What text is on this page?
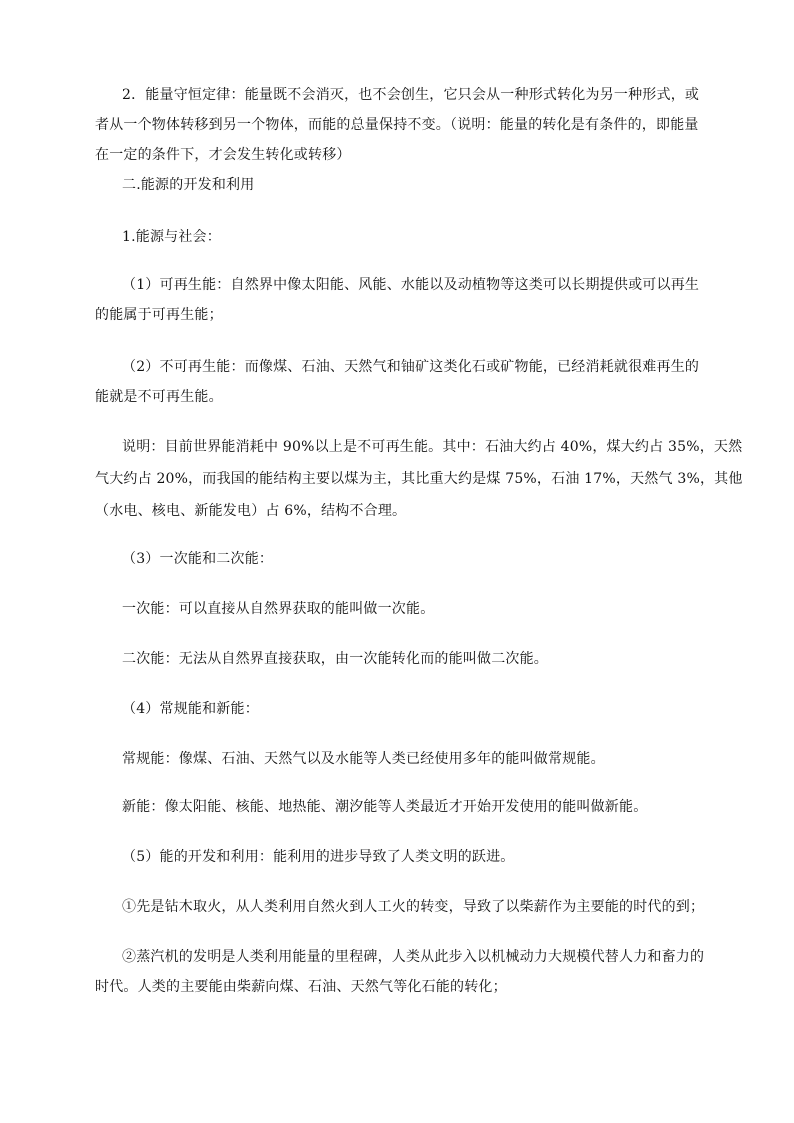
2．能量守恒定律：能量既不会消灭，也不会创生，它只会从一种形式转化为另一种形式，或
者从一个物体转移到另一个物体，而能的总量保持不变。（说明：能量的转化是有条件的，即能量
在一定的条件下，才会发生转化或转移）
二.能源的开发和利用
1.能源与社会：
（1）可再生能：自然界中像太阳能、风能、水能以及动植物等这类可以长期提供或可以再生
的能属于可再生能；
（2）不可再生能：而像煤、石油、天然气和铀矿这类化石或矿物能，已经消耗就很难再生的
能就是不可再生能。
说明：目前世界能消耗中 90%以上是不可再生能。其中：石油大约占 40%，煤大约占 35%，天然
气大约占 20%，而我国的能结构主要以煤为主，其比重大约是煤 75%，石油 17%，天然气 3%，其他
（水电、核电、新能发电）占 6%，结构不合理。
（3）一次能和二次能：
一次能：可以直接从自然界获取的能叫做一次能。
二次能：无法从自然界直接获取，由一次能转化而的能叫做二次能。
（4）常规能和新能：
常规能：像煤、石油、天然气以及水能等人类已经使用多年的能叫做常规能。
新能：像太阳能、核能、地热能、潮汐能等人类最近才开始开发使用的能叫做新能。
（5）能的开发和利用：能利用的进步导致了人类文明的跃进。
①先是钻木取火，从人类利用自然火到人工火的转变，导致了以柴薪作为主要能的时代的到；
②蒸汽机的发明是人类利用能量的里程碑，人类从此步入以机械动力大规模代替人力和畜力的
时代。人类的主要能由柴薪向煤、石油、天然气等化石能的转化；
